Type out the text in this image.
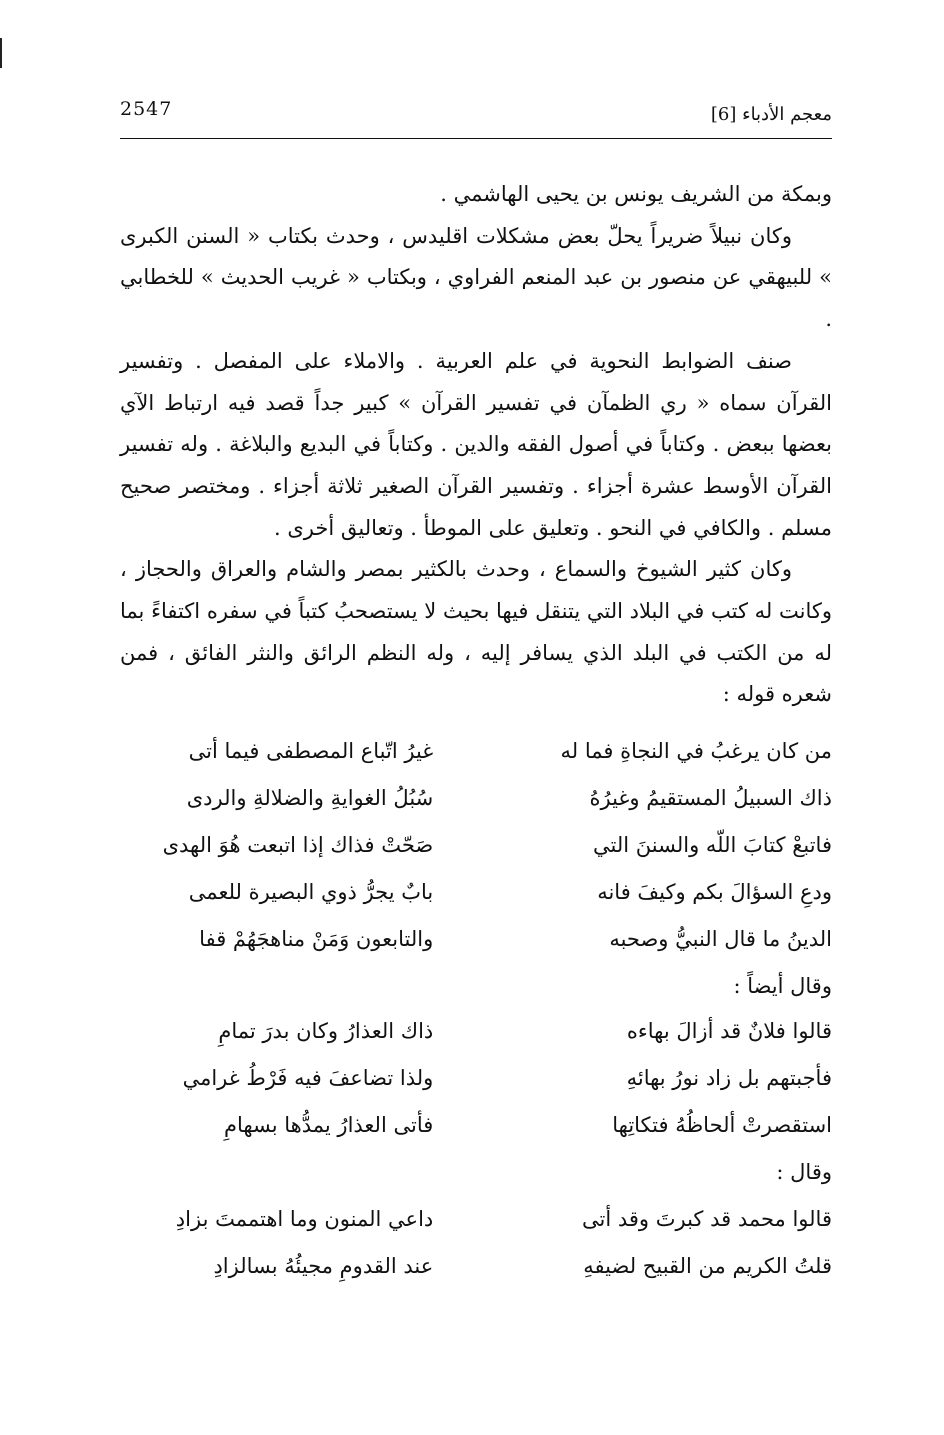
2547	معجم الأدباء [6]

وبمكة من الشريف يونس بن يحيى الهاشمي .

وكان نبيلاً ضريراً يحلّ بعض مشكلات اقليدس ، وحدث بكتاب « السنن الكبرى » للبيهقي عن منصور بن عبد المنعم الفراوي ، وبكتاب « غريب الحديث » للخطابي .

صنف الضوابط النحوية في علم العربية . والاملاء على المفصل . وتفسير القرآن سماه « ري الظمآن في تفسير القرآن » كبير جداً قصد فيه ارتباط الآي بعضها ببعض . وكتاباً في أصول الفقه والدين . وكتاباً في البديع والبلاغة . وله تفسير القرآن الأوسط عشرة أجزاء . وتفسير القرآن الصغير ثلاثة أجزاء . ومختصر صحيح مسلم . والكافي في النحو . وتعليق على الموطأ . وتعاليق أخرى .

وكان كثير الشيوخ والسماع ، وحدث بالكثير بمصر والشام والعراق والحجاز ، وكانت له كتب في البلاد التي يتنقل فيها بحيث لا يستصحبُ كتباً في سفره اكتفاءً بما له من الكتب في البلد الذي يسافر إليه ، وله النظم الرائق والنثر الفائق ، فمن شعره قوله :

من كان يرغبُ في النجاةِ فما له
غيرُ اتّباع المصطفى فيما أتى
ذاك السبيلُ المستقيمُ وغيرُهُ
سُبُلُ الغوايةِ والضلالةِ والردى
فاتبعْ كتابَ اللّه والسننَ التي
صَحّتْ فذاك إذا اتبعت هُوَ الهدى
ودعِ السؤالَ بكم وكيفَ فانه
بابٌ يجرُّ ذوي البصيرة للعمى
الدينُ ما قال النبيُّ وصحبه
والتابعون وَمَنْ مناهجَهُمْ قفا
وقال أيضاً :
قالوا فلانٌ قد أزالَ بهاءه
ذاك العذارُ وكان بدرَ تمامِ
فأجبتهم بل زاد نورُ بهائهِ
ولذا تضاعفَ فيه فَرْطُ غرامي
استقصرتْ ألحاظُهُ فتكاتِها
فأتى العذارُ يمدُّها بسهامِ
وقال :
قالوا محمد قد كبرتَ وقد أتى
داعي المنون وما اهتممتَ بزادِ
قلتُ الكريم من القبيح لضيفهِ
عند القدومِ مجيئُهُ بسالزادِ
